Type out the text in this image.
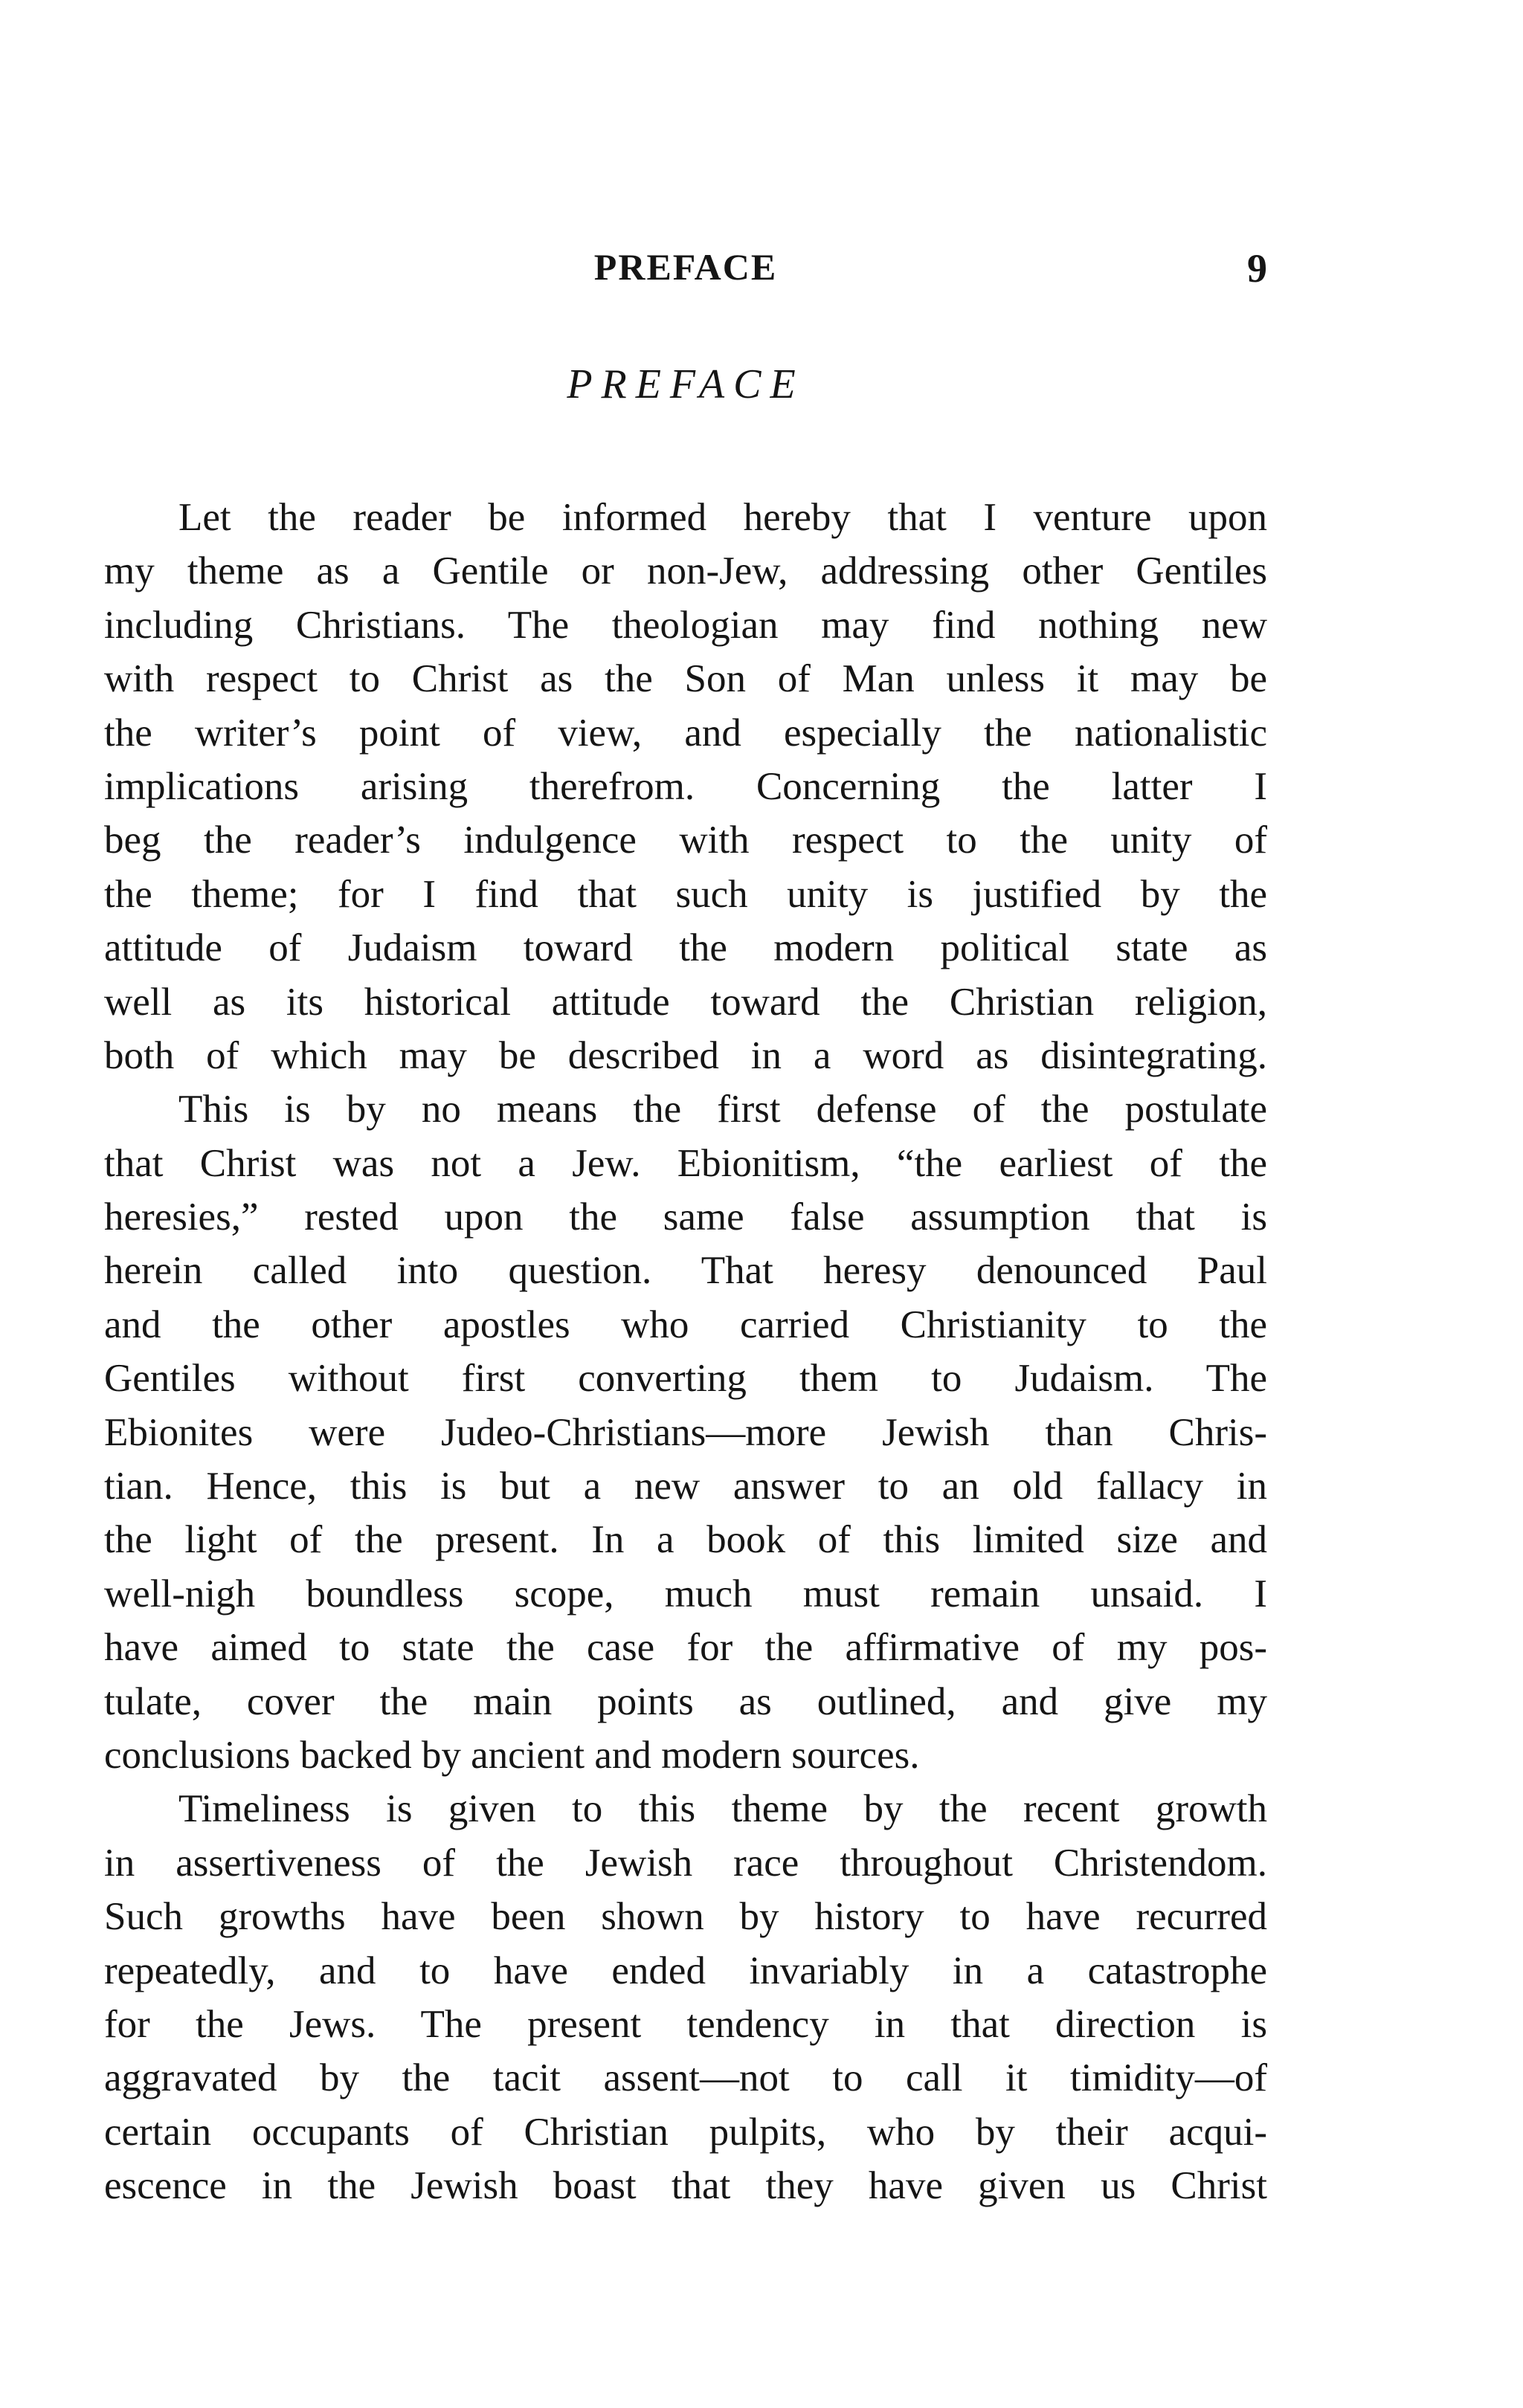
PREFACE	9
PREFACE
Let the reader be informed hereby that I venture upon
my theme as a Gentile or non-Jew, addressing other Gentiles
including Christians. The theologian may find nothing new
with respect to Christ as the Son of Man unless it may be
the writer’s point of view, and especially the nationalistic
implications arising therefrom. Concerning the latter I
beg the reader’s indulgence with respect to the unity of
the theme; for I find that such unity is justified by the
attitude of Judaism toward the modern political state as
well as its historical attitude toward the Christian religion,
both of which may be described in a word as disintegrating.
This is by no means the first defense of the postulate
that Christ was not a Jew. Ebionitism, “the earliest of the
heresies,” rested upon the same false assumption that is
herein called into question. That heresy denounced Paul
and the other apostles who carried Christianity to the
Gentiles without first converting them to Judaism. The
Ebionites were Judeo-Christians—more Jewish than Chris-
tian. Hence, this is but a new answer to an old fallacy in
the light of the present. In a book of this limited size and
well-nigh boundless scope, much must remain unsaid. I
have aimed to state the case for the affirmative of my pos-
tulate, cover the main points as outlined, and give my
conclusions backed by ancient and modern sources.
Timeliness is given to this theme by the recent growth
in assertiveness of the Jewish race throughout Christendom.
Such growths have been shown by history to have recurred
repeatedly, and to have ended invariably in a catastrophe
for the Jews. The present tendency in that direction is
aggravated by the tacit assent—not to call it timidity—of
certain occupants of Christian pulpits, who by their acqui-
escence in the Jewish boast that they have given us Christ
